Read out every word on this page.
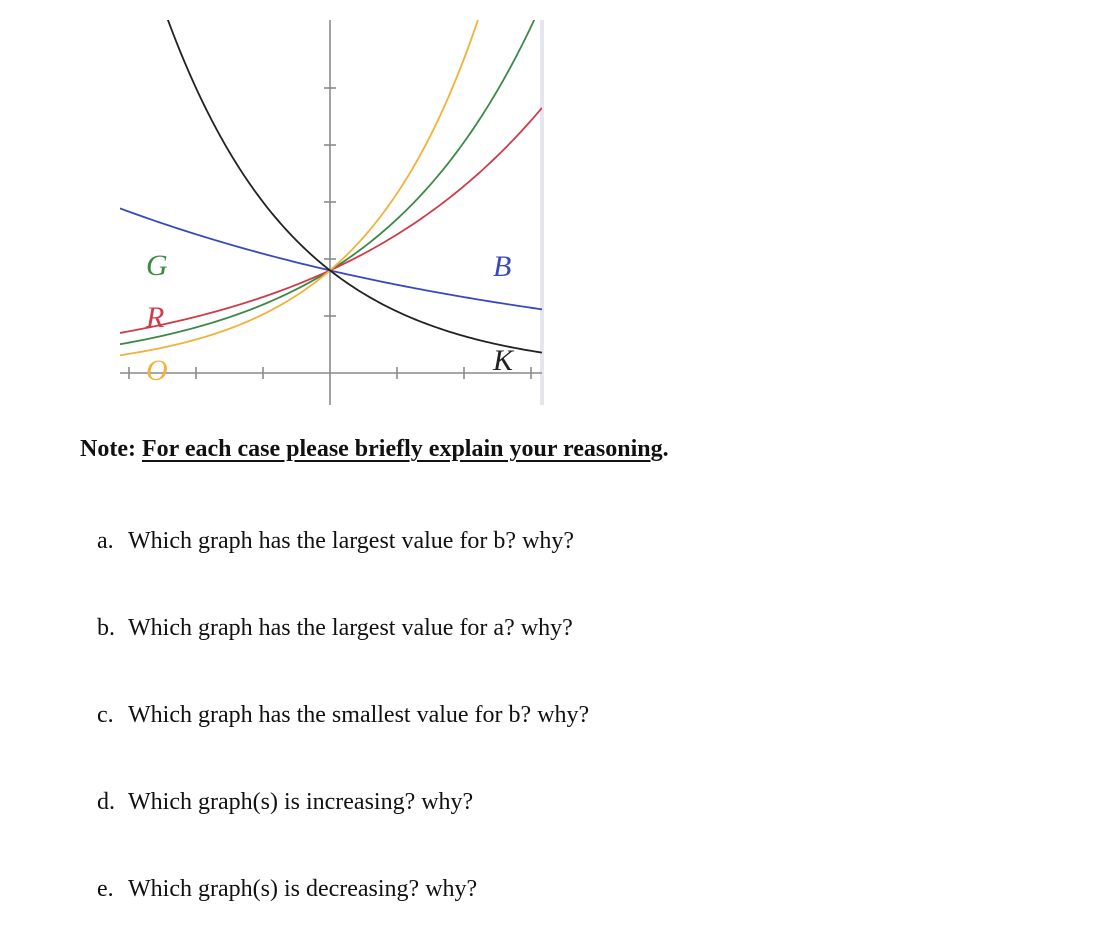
G
R
O
B
K
Note: For each case please briefly explain your reasoning.
a. Which graph has the largest value for b? why?
b. Which graph has the largest value for a? why?
c. Which graph has the smallest value for b? why?
d. Which graph(s) is increasing? why?
e. Which graph(s) is decreasing? why?
